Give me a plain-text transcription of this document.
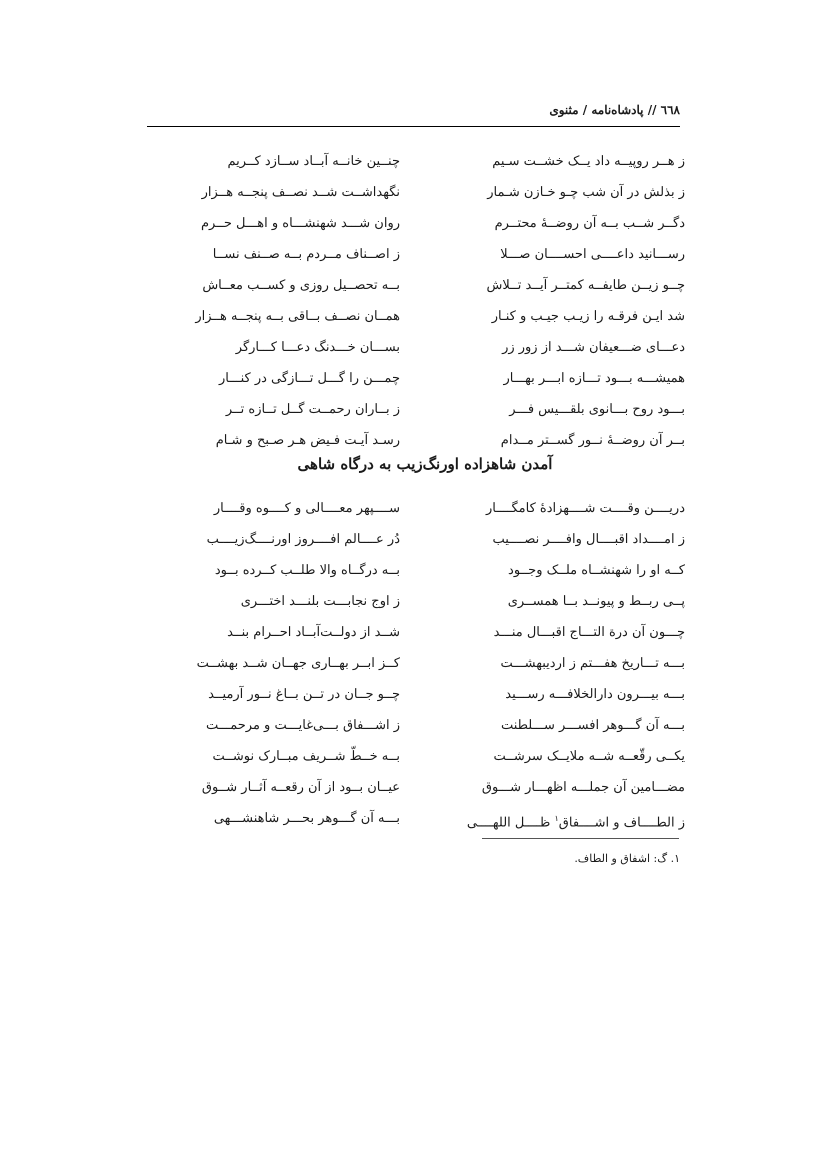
٦٦٨ // پادشاه‌نامه / مثنوی
ز هــر روپیــه داد یــک خشــت سـیم
چنــین خانــه آبــاد ســازد کــریم
ز بذلش در آن شب چـو خـازن شـمار
نگهداشــت شــد نصــف پنجــه هــزار
دگــر شــب بــه آن روضــهٔ محتــرم
روان شـــد شهنشـــاه و اهـــل حــرم
رســـانید داعــــی احســــان صـــلا
ز اصــناف مــردم بــه صــنف نســا
چــو زیــن طایفــه کمتــر آیــد تــلاش
بــه تحصــیل روزی و کســب معــاش
شد ایـن فرقـه را زیـب جیـب و کنـار
همــان نصــف بــاقی بــه پنجــه هــزار
دعـــای ضـــعیفان شـــد از زور زر
بســـان خـــدنگ دعـــا کـــارگر
همیشـــه بـــود تـــازه ابـــر بهـــار
چمـــن را گـــل تـــازگی در کنـــار
بـــود روح بـــانوی بلقـــیس فـــر
ز بــاران رحمــت گــل تــازه تــر
بــر آن روضــهٔ نــور گســتر مــدام
رسـد آیـت فـیض هـر صـبح و شـام
آمدن شاهزاده اورنگ‌زیب به درگاه شاهی
دریــــن وقــــت شــــهزادهٔ کامگــــار
ســــپهر معــــالی و کــــوه وقــــار
ز امــــداد اقبــــال وافــــر نصــــیب
دُر عــــالم افــــروز اورنــــگ‌زیــــب
کــه او را شهنشــاه ملــک وجــود
بــه درگــاه والا طلــب کــرده بــود
پــی ربــط و پیونــد بــا همســری
ز اوج نجابـــت بلنـــد اختـــری
چـــون آن درة التـــاج اقبـــال منـــد
شــد از دولــت‌آبــاد احــرام بنــد
بـــه تـــاریخ هفـــتم ز اردیبهشـــت
کــز ابــر بهــاری جهــان شــد بهشــت
بـــه بیـــرون دارالخلافـــه رســـید
چــو جــان در تــن بــاغ نــور آرمیــد
بـــه آن گـــوهر افســـر ســـلطنت
ز اشـــفاق بـــی‌غایـــت و مرحمـــت
یکــی رقّعــه شــه ملایــک سرشــت
بــه خــطّ شــریف مبــارک نوشــت
مضـــامین آن جملـــه اظهـــار شـــوق
عیــان بــود از آن رقعــه آثــار شــوق
ز الطــــاف و اشــــفاق$^١$ ظــــل اللهــــی
بـــه آن گـــوهر بحـــر شاهنشـــهی
١. گ: اشفاق و الطاف.
